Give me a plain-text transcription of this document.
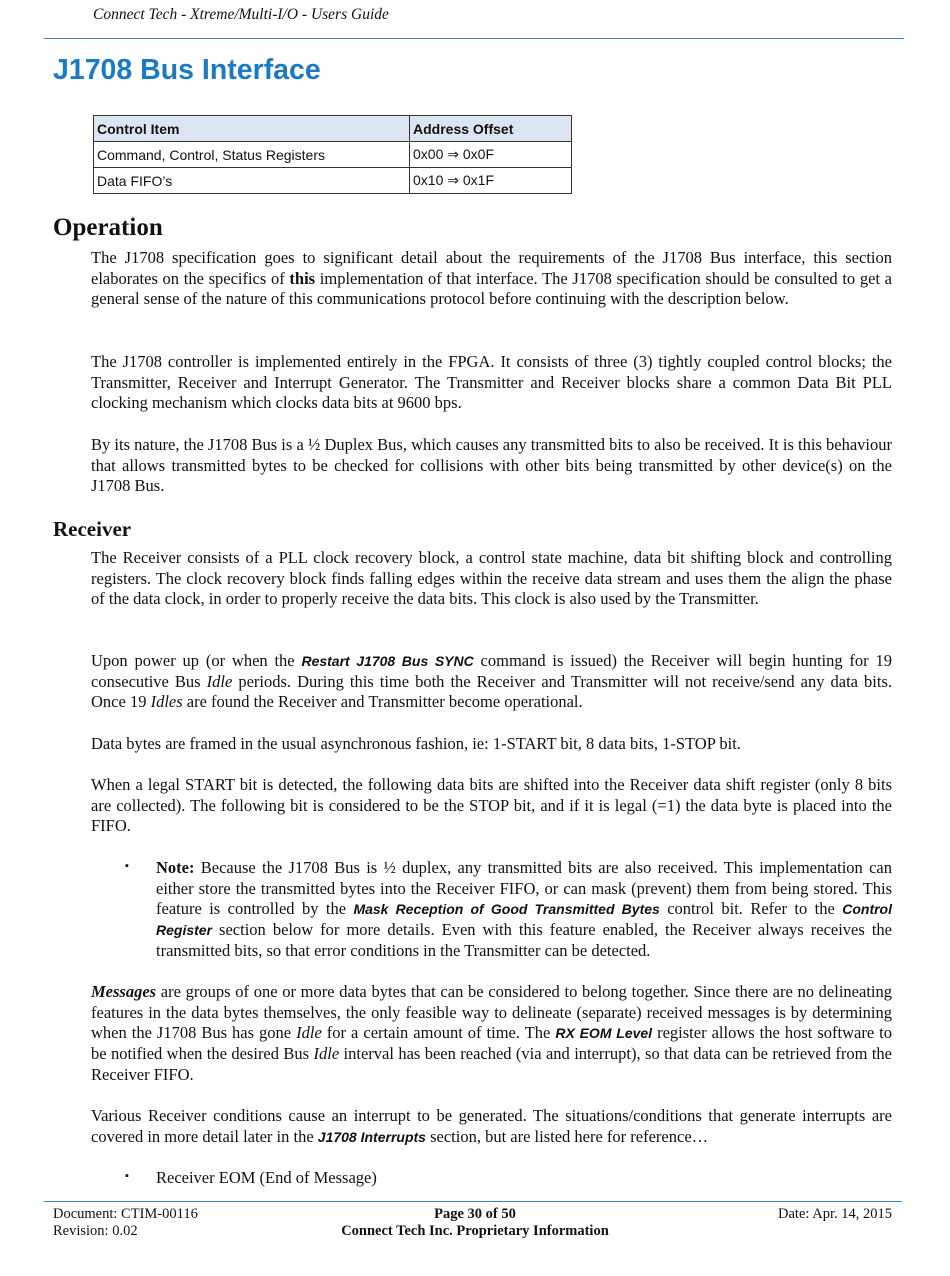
Connect Tech - Xtreme/Multi-I/O - Users Guide
J1708 Bus Interface
Control Item	Address Offset
Command, Control, Status Registers	0x00 ⇒ 0x0F
Data FIFO’s	0x10 ⇒ 0x1F
Operation

The J1708 specification goes to significant detail about the requirements of the J1708 Bus interface, this section elaborates on the specifics of this implementation of that interface. The J1708 specification should be consulted to get a general sense of the nature of this communications protocol before continuing with the description below.

The J1708 controller is implemented entirely in the FPGA. It consists of three (3) tightly coupled control blocks; the Transmitter, Receiver and Interrupt Generator. The Transmitter and Receiver blocks share a common Data Bit PLL clocking mechanism which clocks data bits at 9600 bps.

By its nature, the J1708 Bus is a ½ Duplex Bus, which causes any transmitted bits to also be received. It is this behaviour that allows transmitted bytes to be checked for collisions with other bits being transmitted by other device(s) on the J1708 Bus.

Receiver

The Receiver consists of a PLL clock recovery block, a control state machine, data bit shifting block and controlling registers. The clock recovery block finds falling edges within the receive data stream and uses them the align the phase of the data clock, in order to properly receive the data bits. This clock is also used by the Transmitter.

Upon power up (or when the Restart J1708 Bus SYNC command is issued) the Receiver will begin hunting for 19 consecutive Bus Idle periods. During this time both the Receiver and Transmitter will not receive/send any data bits. Once 19 Idles are found the Receiver and Transmitter become operational.

Data bytes are framed in the usual asynchronous fashion, ie: 1-START bit, 8 data bits, 1-STOP bit.

When a legal START bit is detected, the following data bits are shifted into the Receiver data shift register (only 8 bits are collected). The following bit is considered to be the STOP bit, and if it is legal (=1) the data byte is placed into the FIFO.

▪ Note: Because the J1708 Bus is ½ duplex, any transmitted bits are also received. This implementation can either store the transmitted bytes into the Receiver FIFO, or can mask (prevent) them from being stored. This feature is controlled by the Mask Reception of Good Transmitted Bytes control bit. Refer to the Control Register section below for more details. Even with this feature enabled, the Receiver always receives the transmitted bits, so that error conditions in the Transmitter can be detected.

Messages are groups of one or more data bytes that can be considered to belong together. Since there are no delineating features in the data bytes themselves, the only feasible way to delineate (separate) received messages is by determining when the J1708 Bus has gone Idle for a certain amount of time. The RX EOM Level register allows the host software to be notified when the desired Bus Idle interval has been reached (via and interrupt), so that data can be retrieved from the Receiver FIFO.

Various Receiver conditions cause an interrupt to be generated. The situations/conditions that generate interrupts are covered in more detail later in the J1708 Interrupts section, but are listed here for reference…

▪ Receiver EOM (End of Message)

Document: CTIM-00116
Revision: 0.02
Page 30 of 50
Connect Tech Inc. Proprietary Information
Date: Apr. 14, 2015
